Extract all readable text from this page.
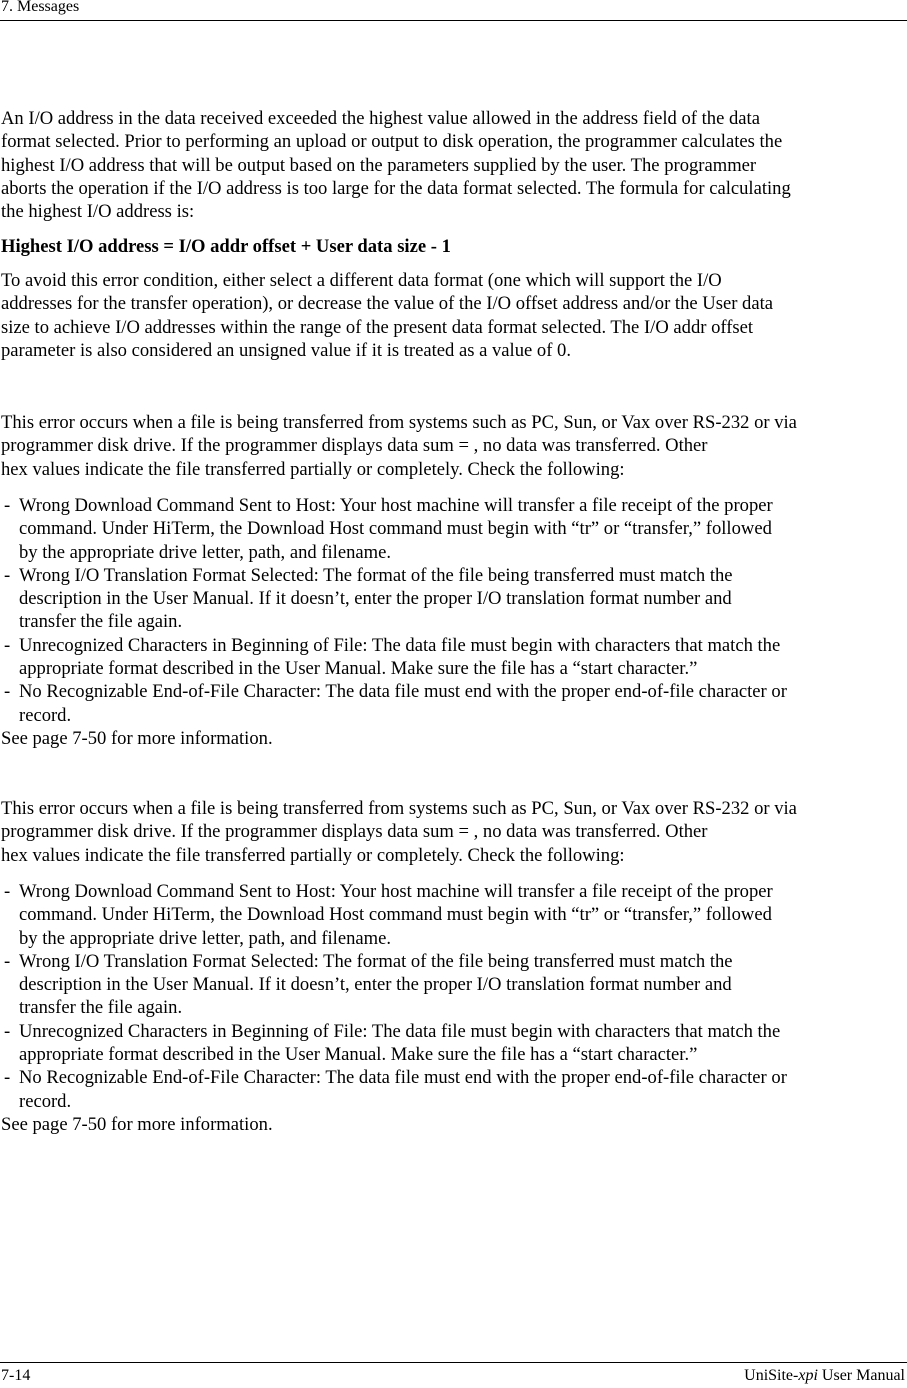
7. Messages
An I/O address in the data received exceeded the highest value allowed in the address field of the data
format selected. Prior to performing an upload or output to disk operation, the programmer calculates the
highest I/O address that will be output based on the parameters supplied by the user. The programmer
aborts the operation if the I/O address is too large for the data format selected. The formula for calculating
the highest I/O address is:
Highest I/O address = I/O addr offset + User data size - 1
To avoid this error condition, either select a different data format (one which will support the I/O
addresses for the transfer operation), or decrease the value of the I/O offset address and/or the User data
size to achieve I/O addresses within the range of the present data format selected. The I/O addr offset
parameter is also considered an unsigned value if it is treated as a value of 0.
This error occurs when a file is being transferred from systems such as PC, Sun, or Vax over RS-232 or via
programmer disk drive. If the programmer displays data sum = , no data was transferred. Other
hex values indicate the file transferred partially or completely. Check the following:
- Wrong Download Command Sent to Host: Your host machine will transfer a file receipt of the proper
command. Under HiTerm, the Download Host command must begin with “tr” or “transfer,” followed
by the appropriate drive letter, path, and filename.
- Wrong I/O Translation Format Selected: The format of the file being transferred must match the
description in the User Manual. If it doesn’t, enter the proper I/O translation format number and
transfer the file again.
- Unrecognized Characters in Beginning of File: The data file must begin with characters that match the
appropriate format described in the User Manual. Make sure the file has a “start character.”
- No Recognizable End-of-File Character: The data file must end with the proper end-of-file character or
record.
See page 7-50 for more information.
This error occurs when a file is being transferred from systems such as PC, Sun, or Vax over RS-232 or via
programmer disk drive. If the programmer displays data sum = , no data was transferred. Other
hex values indicate the file transferred partially or completely. Check the following:
- Wrong Download Command Sent to Host: Your host machine will transfer a file receipt of the proper
command. Under HiTerm, the Download Host command must begin with “tr” or “transfer,” followed
by the appropriate drive letter, path, and filename.
- Wrong I/O Translation Format Selected: The format of the file being transferred must match the
description in the User Manual. If it doesn’t, enter the proper I/O translation format number and
transfer the file again.
- Unrecognized Characters in Beginning of File: The data file must begin with characters that match the
appropriate format described in the User Manual. Make sure the file has a “start character.”
- No Recognizable End-of-File Character: The data file must end with the proper end-of-file character or
record.
See page 7-50 for more information.
7-14	UniSite-xpi User Manual
